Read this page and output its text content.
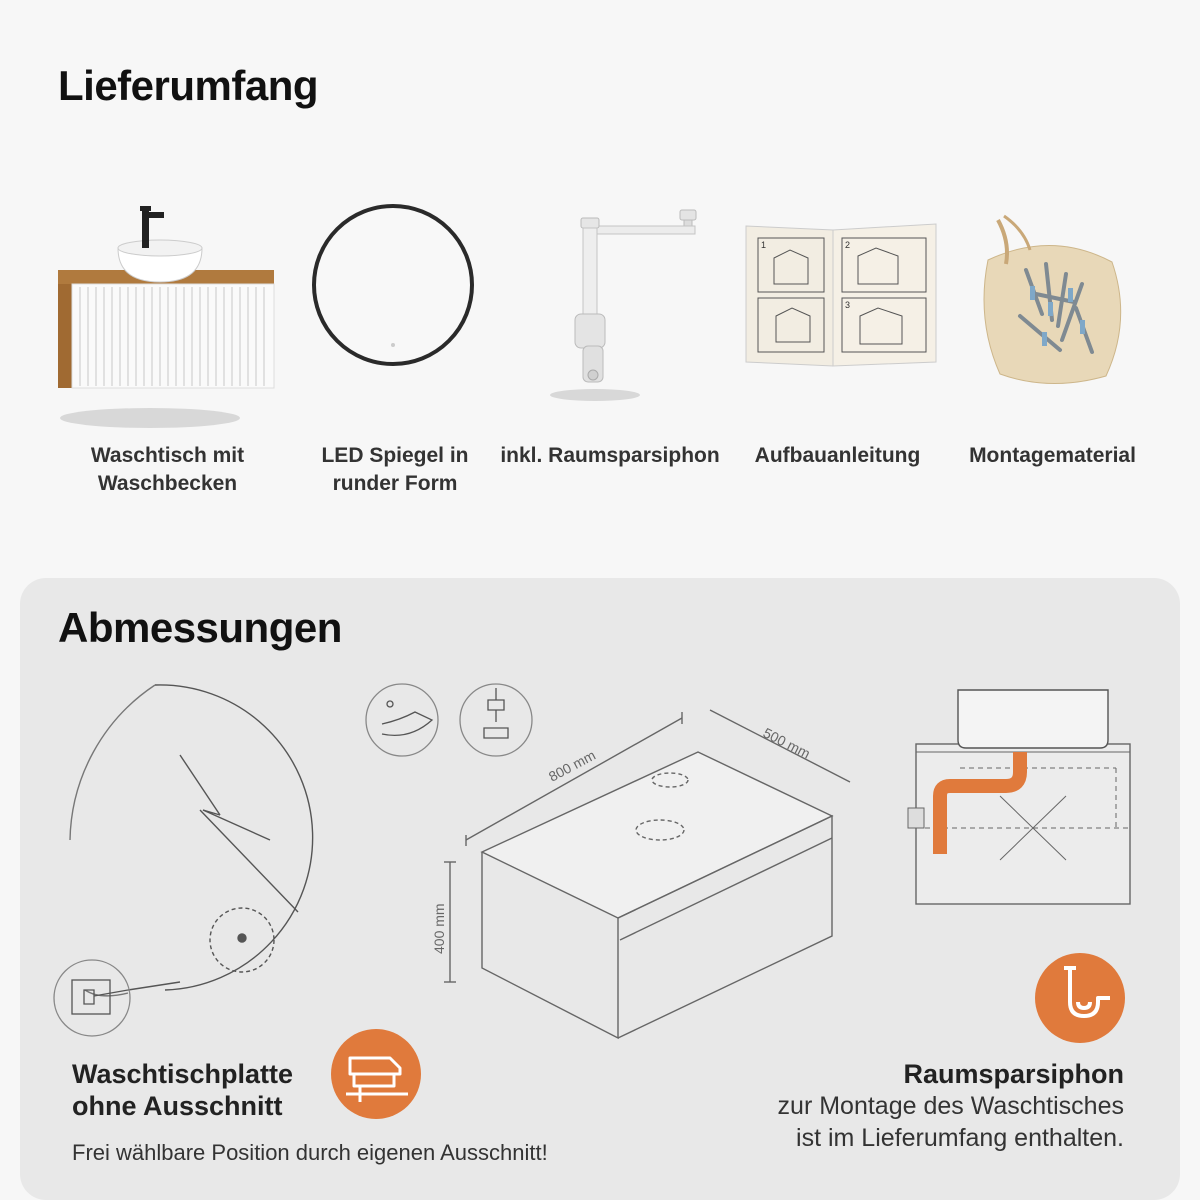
Lieferumfang
Waschtisch mit
Waschbecken
LED Spiegel in
runder Form
inkl. Raumsparsiphon
1	2
3
Aufbauanleitung	Montagematerial
Abmessungen
800 mm
500 mm
400 mm
Waschtischplatte
ohne Ausschnitt
Frei wählbare Position durch eigenen Ausschnitt!
Raumsparsiphon
zur Montage des Waschtisches
ist im Lieferumfang enthalten.
